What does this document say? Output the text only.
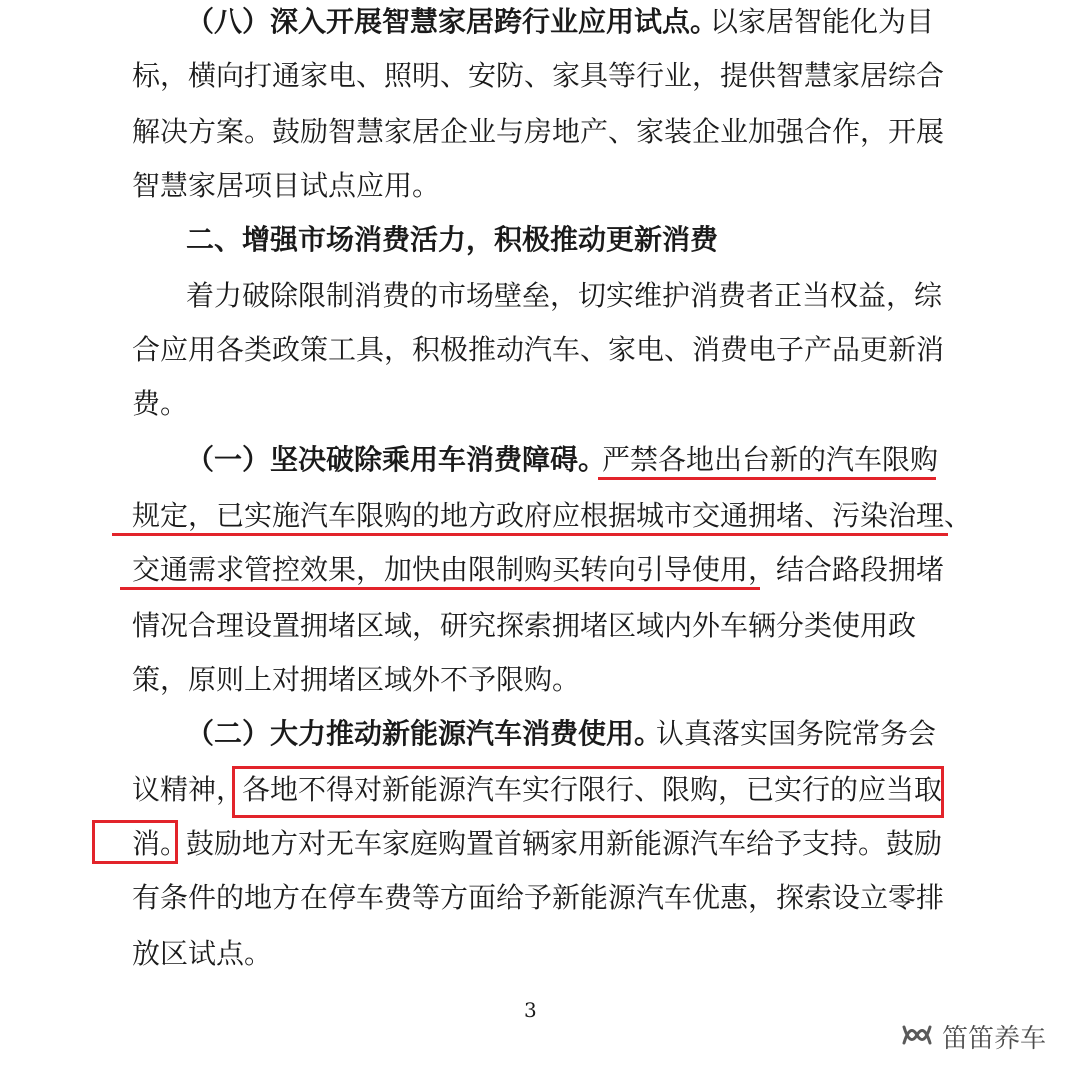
（八）深入开展智慧家居跨行业应用试点。
以家居智能化为目
标，横向打通家电、照明、安防、家具等行业，提供智慧家居综合
解决方案。鼓励智慧家居企业与房地产、家装企业加强合作，开展
智慧家居项目试点应用。
二、增强市场消费活力，积极推动更新消费
着力破除限制消费的市场壁垒，切实维护消费者正当权益，综
合应用各类政策工具，积极推动汽车、家电、消费电子产品更新消
费。
（一）坚决破除乘用车消费障碍。
严禁各地出台新的汽车限购
规定，已实施汽车限购的地方政府应根据城市交通拥堵、污染治理、
交通需求管控效果，加快由限制购买转向引导使用，结合路段拥堵
情况合理设置拥堵区域，研究探索拥堵区域内外车辆分类使用政
策，原则上对拥堵区域外不予限购。
（二）大力推动新能源汽车消费使用。
认真落实国务院常务会
议精神，
各地不得对新能源汽车实行限行、限购，已实行的应当取
消。
鼓励地方对无车家庭购置首辆家用新能源汽车给予支持。鼓励
有条件的地方在停车费等方面给予新能源汽车优惠，探索设立零排
放区试点。
3
笛笛养车
